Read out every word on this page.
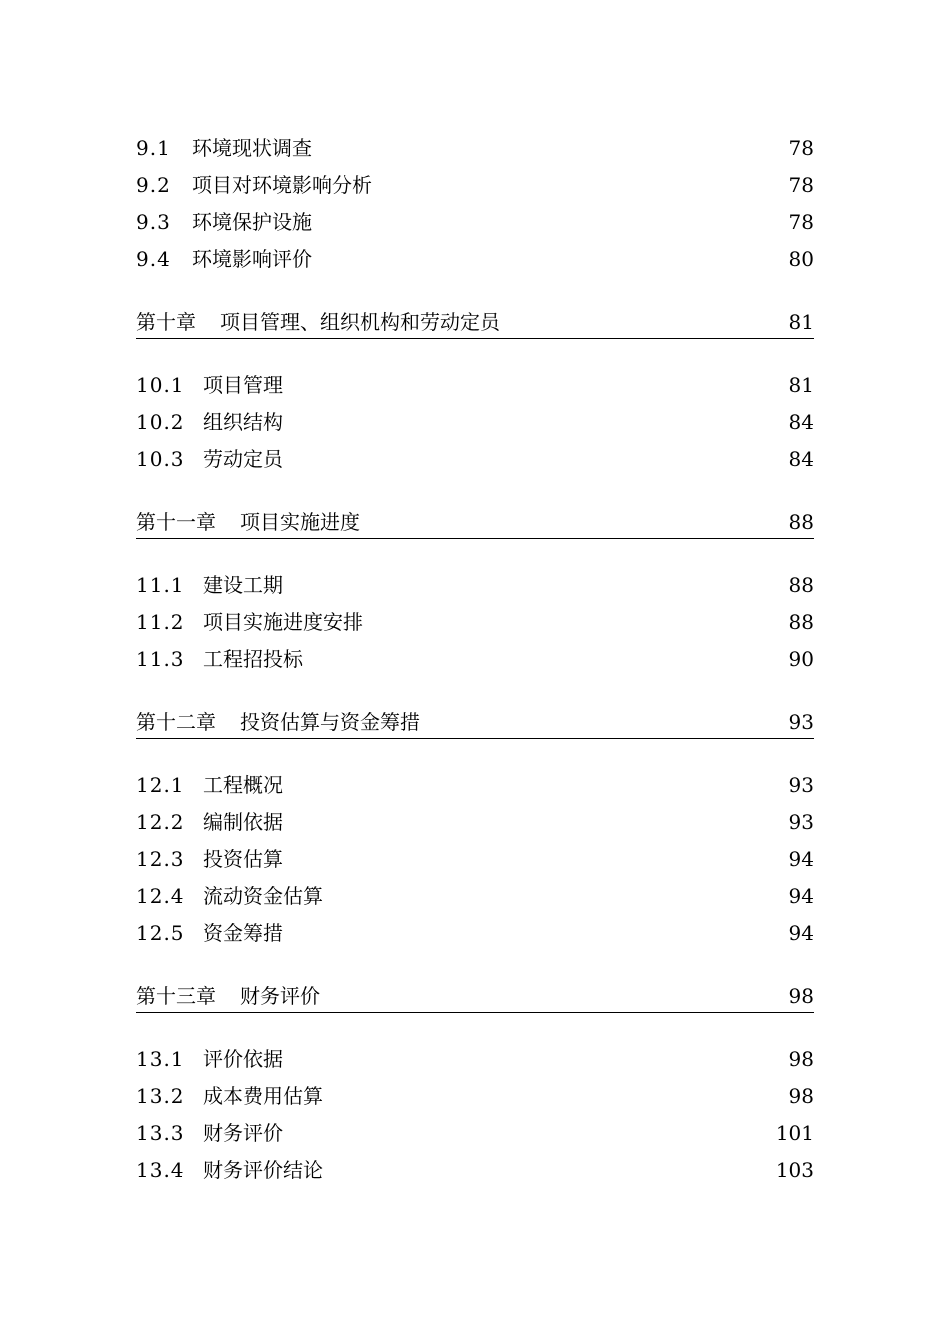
9.1 环境现状调查	78
9.2 项目对环境影响分析	78
9.3 环境保护设施	78
9.4 环境影响评价	80
第十章 项目管理、组织机构和劳动定员	81
10.1 项目管理	81
10.2 组织结构	84
10.3 劳动定员	84
第十一章 项目实施进度	88
11.1 建设工期	88
11.2 项目实施进度安排	88
11.3 工程招投标	90
第十二章 投资估算与资金筹措	93
12.1 工程概况	93
12.2 编制依据	93
12.3 投资估算	94
12.4 流动资金估算	94
12.5 资金筹措	94
第十三章 财务评价	98
13.1 评价依据	98
13.2 成本费用估算	98
13.3 财务评价	101
13.4 财务评价结论	103
